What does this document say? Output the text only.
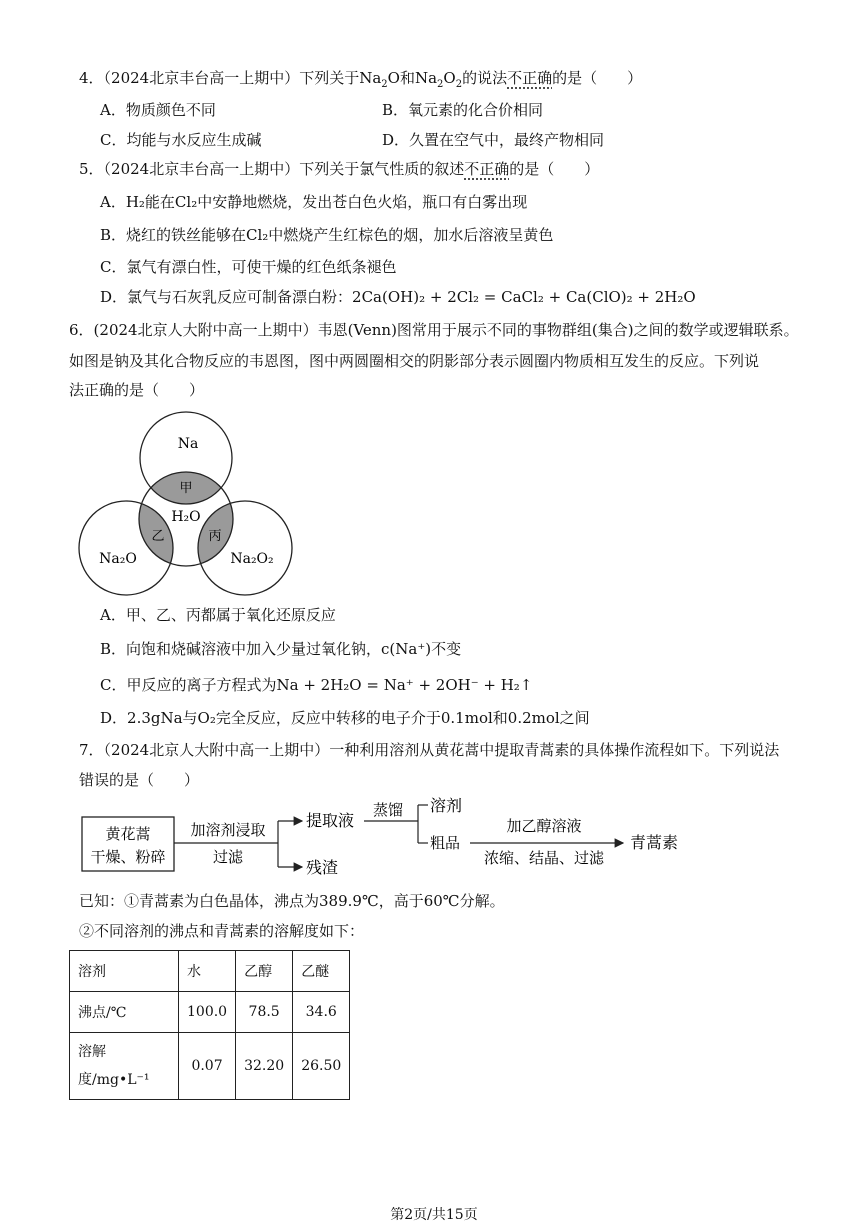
4．（2024北京丰台高一上期中）下列关于$Na_2O$和$Na_2O_2$的说法不正确的是（　　）
A．物质颜色不同	B．氧元素的化合价相同
C．均能与水反应生成碱	D．久置在空气中，最终产物相同
5．（2024北京丰台高一上期中）下列关于氯气性质的叙述不正确的是（　　）
A．H₂能在Cl₂中安静地燃烧，发出苍白色火焰，瓶口有白雾出现
B．烧红的铁丝能够在Cl₂中燃烧产生红棕色的烟，加水后溶液呈黄色
C．氯气有漂白性，可使干燥的红色纸条褪色
D．氯气与石灰乳反应可制备漂白粉：2Ca(OH)₂ + 2Cl₂ = CaCl₂ + Ca(ClO)₂ + 2H₂O
6．(2024北京人大附中高一上期中）韦恩(Venn)图常用于展示不同的事物群组(集合)之间的数学或逻辑联系。
如图是钠及其化合物反应的韦恩图，图中两圆圈相交的阴影部分表示圆圈内物质相互发生的反应。下列说
法正确的是（　　）
Na
甲
H₂O
乙	丙
Na₂O	Na₂O₂
A．甲、乙、丙都属于氧化还原反应
B．向饱和烧碱溶液中加入少量过氧化钠，c(Na⁺)不变
C．甲反应的离子方程式为Na + 2H₂O = Na⁺ + 2OH⁻ + H₂↑
D．2.3gNa与O₂完全反应，反应中转移的电子介于0.1mol和0.2mol之间
7．（2024北京人大附中高一上期中）一种利用溶剂从黄花蒿中提取青蒿素的具体操作流程如下。下列说法
错误的是（　　）
黄花蒿
干燥、粉碎
加溶剂浸取
过滤
提取液
残渣
蒸馏 溶剂
粗品
加乙醇溶液
浓缩、结晶、过滤
青蒿素
已知：①青蒿素为白色晶体，沸点为389.9℃，高于60℃分解。
②不同溶剂的沸点和青蒿素的溶解度如下：
溶剂	水	乙醇	乙醚
沸点/℃	100.0	78.5	34.6
溶解度/mg•L⁻¹	0.07	32.20	26.50
第2页/共15页
